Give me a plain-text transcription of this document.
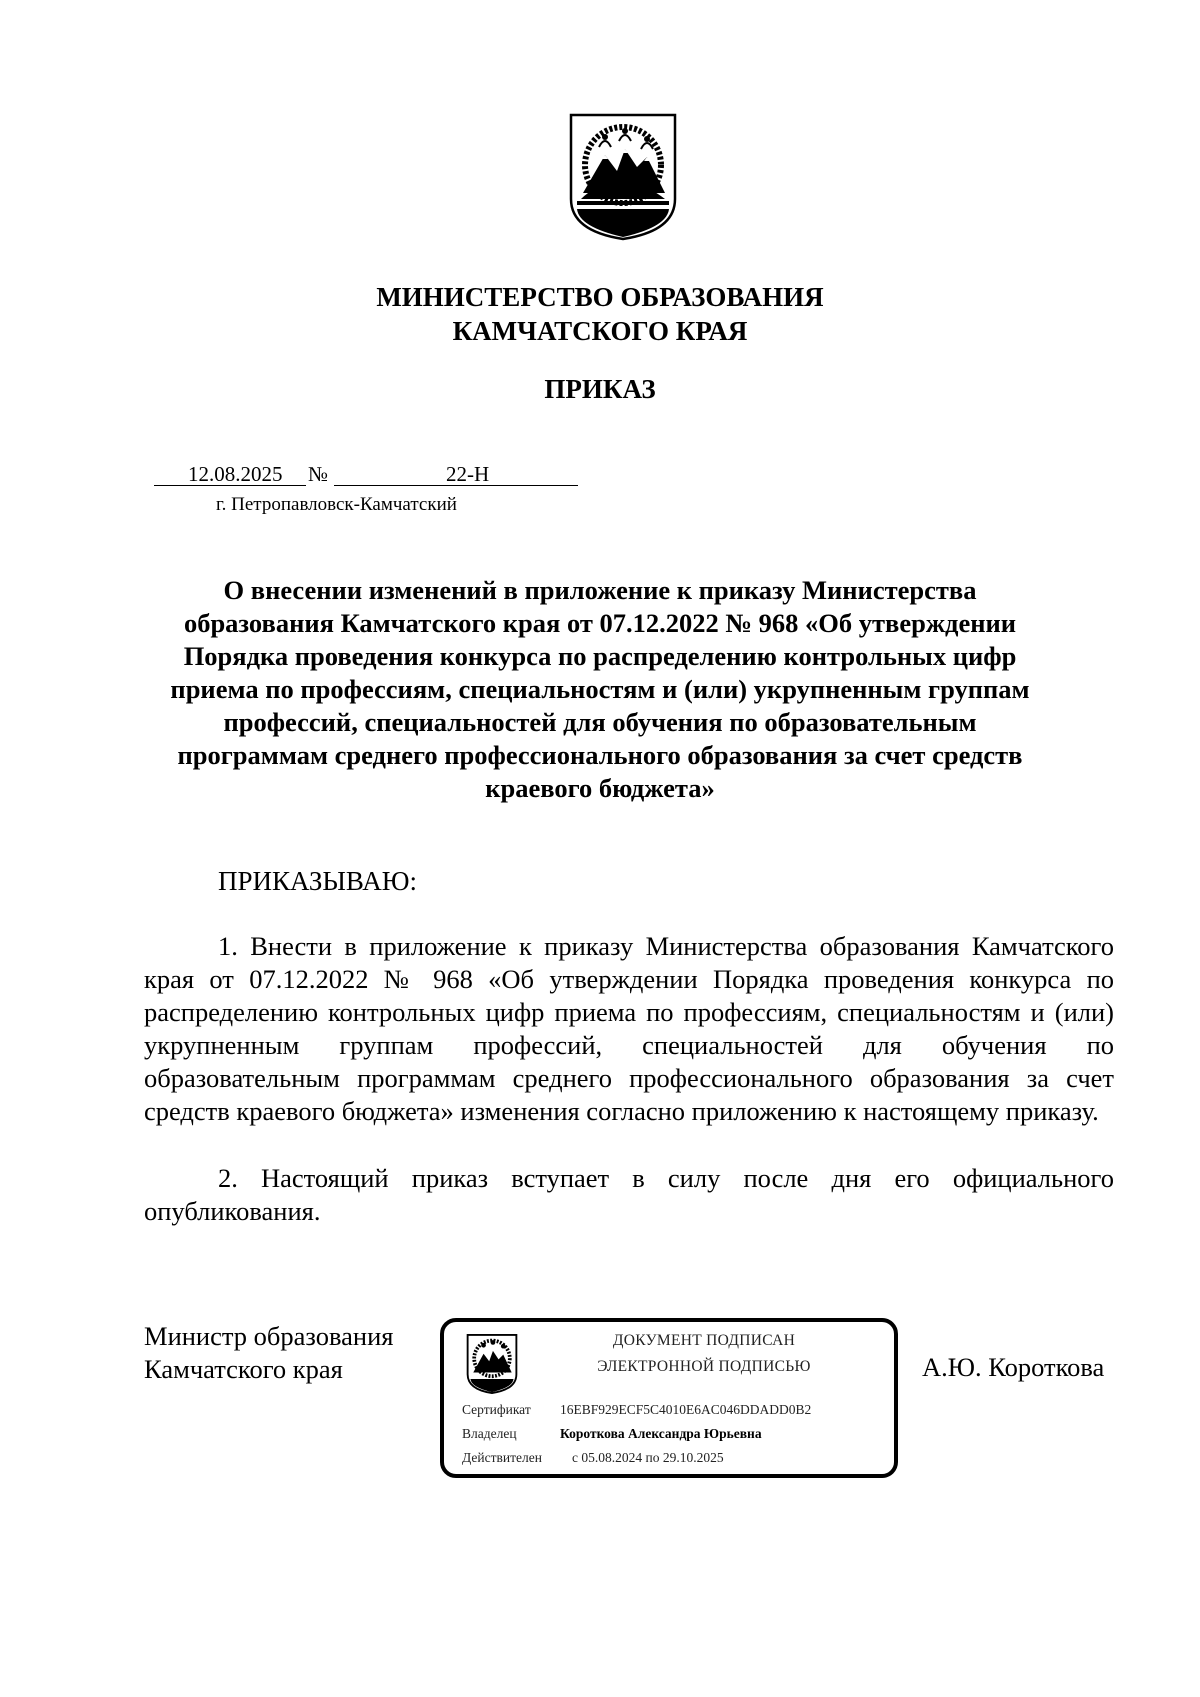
МИНИСТЕРСТВО ОБРАЗОВАНИЯ
КАМЧАТСКОГО КРАЯ
ПРИКАЗ
12.08.2025 №	22-Н
г. Петропавловск-Камчатский
О внесении изменений в приложение к приказу Министерства
образования Камчатского края от 07.12.2022 № 968 «Об утверждении
Порядка проведения конкурса по распределению контрольных цифр
приема по профессиям, специальностям и (или) укрупненным группам
профессий, специальностей для обучения по образовательным
программам среднего профессионального образования за счет средств
краевого бюджета»
ПРИКАЗЫВАЮ:
1. Внести в приложение к приказу Министерства образования Камчатского края от 07.12.2022 № 968 «Об утверждении Порядка проведения конкурса по распределению контрольных цифр приема по профессиям, специальностям и (или) укрупненным группам профессий, специальностей для обучения по образовательным программам среднего профессионального образования за счет средств краевого бюджета» изменения согласно приложению к настоящему приказу.
2. Настоящий приказ вступает в силу после дня его официального опубликования.
Министр образования
Камчатского края
ДОКУМЕНТ ПОДПИСАН
ЭЛЕКТРОННОЙ ПОДПИСЬЮ
Сертификат 16EBF929ECF5C4010E6AC046DDADD0B2
Владелец	Короткова Александра Юрьевна
Действителен с 05.08.2024 по 29.10.2025
А.Ю. Короткова
